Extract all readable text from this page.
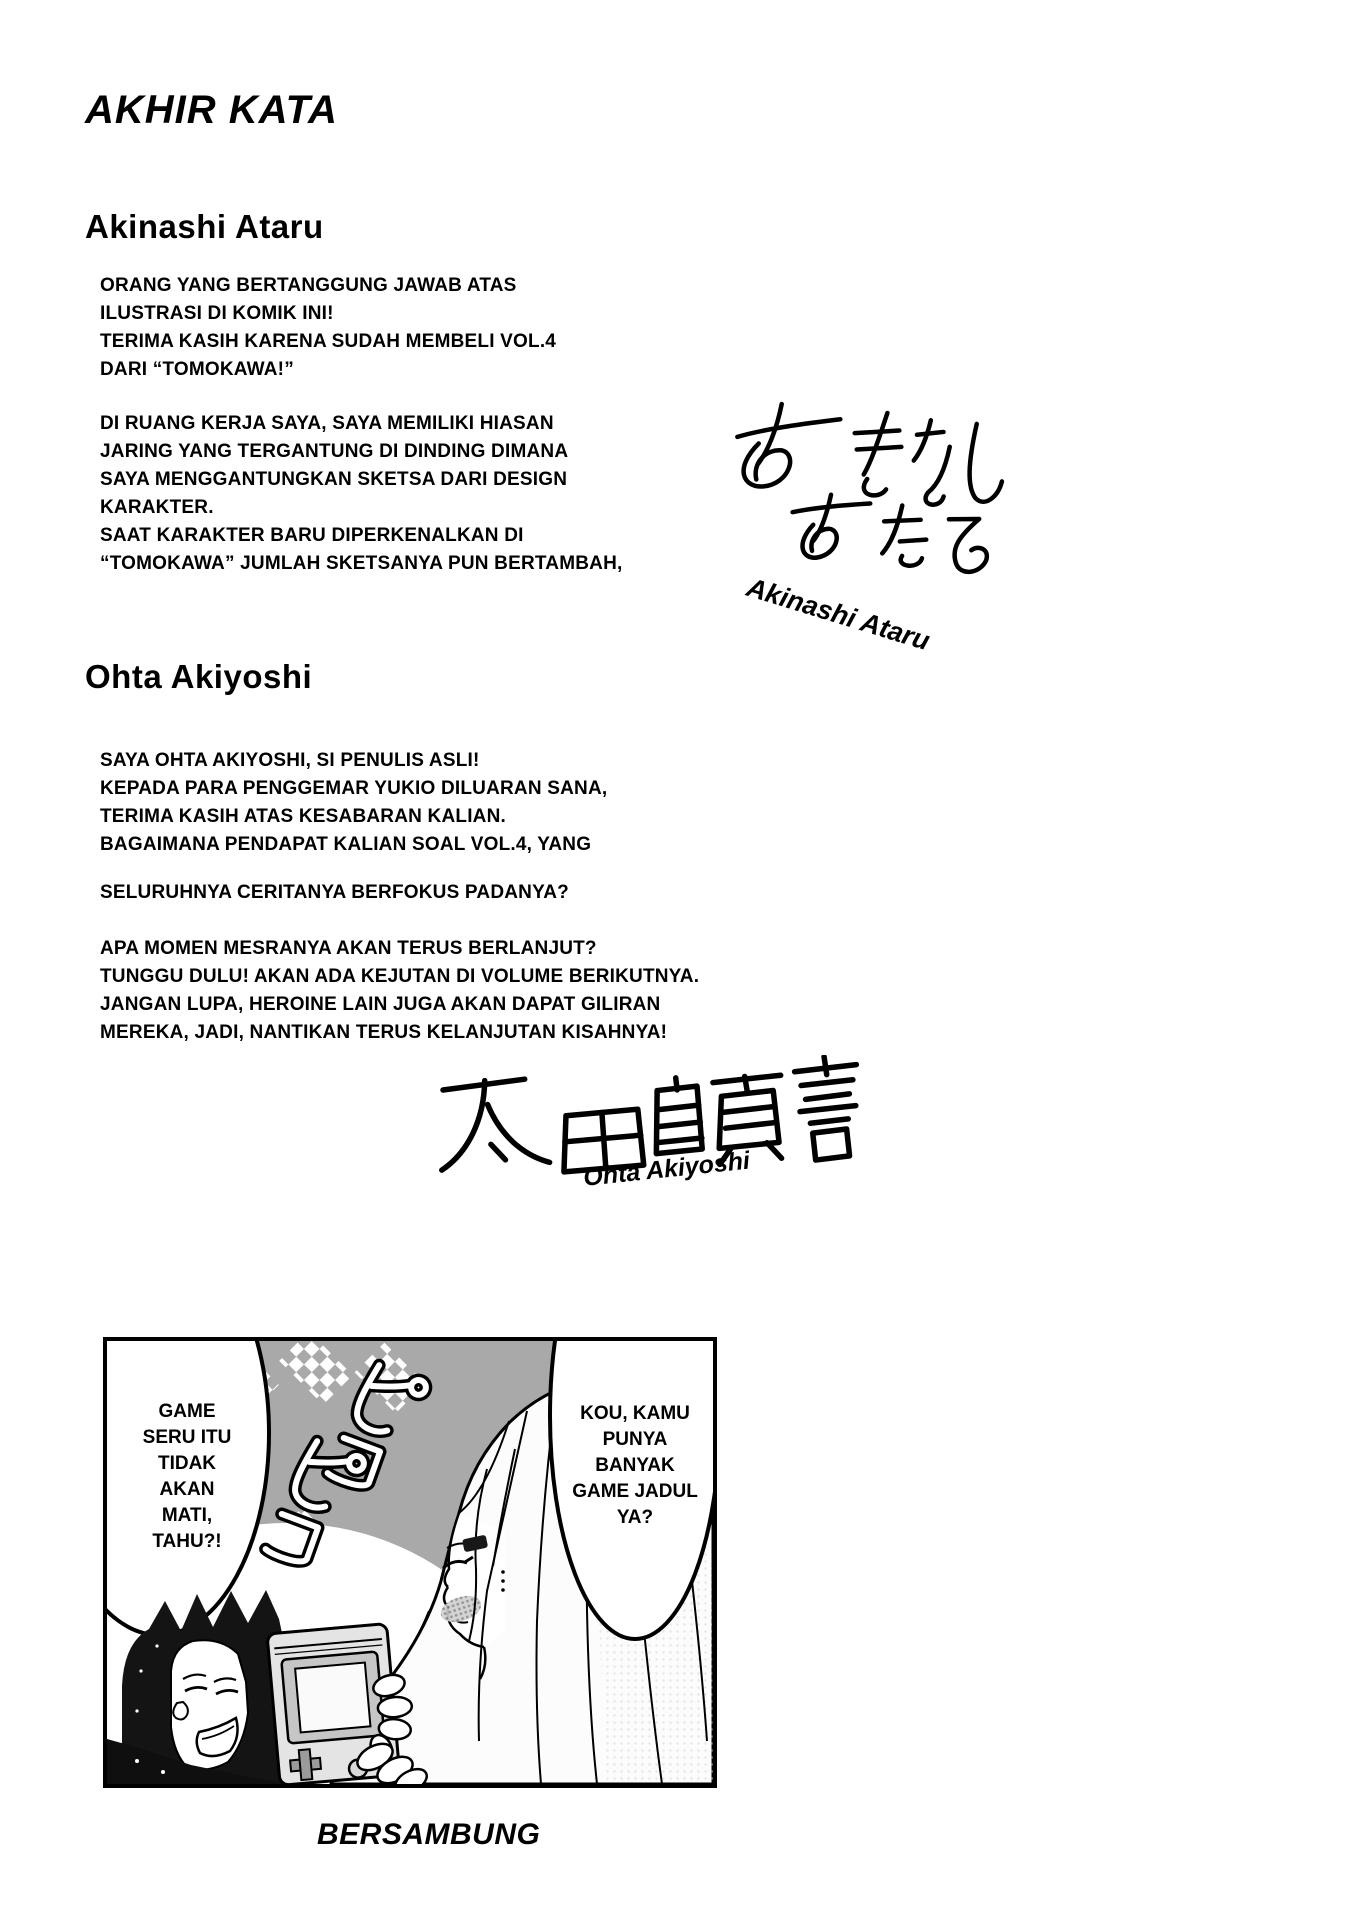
AKHIR KATA
Akinashi Ataru
ORANG YANG BERTANGGUNG JAWAB ATAS
ILUSTRASI DI KOMIK INI!
TERIMA KASIH KARENA SUDAH MEMBELI VOL.4
DARI “TOMOKAWA!”
DI RUANG KERJA SAYA, SAYA MEMILIKI HIASAN
JARING YANG TERGANTUNG DI DINDING DIMANA
SAYA MENGGANTUNGKAN SKETSA DARI DESIGN
KARAKTER.
SAAT KARAKTER BARU DIPERKENALKAN DI
“TOMOKAWA” JUMLAH SKETSANYA PUN BERTAMBAH,
Akinashi Ataru
Ohta Akiyoshi
SAYA OHTA AKIYOSHI, SI PENULIS ASLI!
KEPADA PARA PENGGEMAR YUKIO DILUARAN SANA,
TERIMA KASIH ATAS KESABARAN KALIAN.
BAGAIMANA PENDAPAT KALIAN SOAL VOL.4, YANG
SELURUHNYA CERITANYA BERFOKUS PADANYA?
APA MOMEN MESRANYA AKAN TERUS BERLANJUT?
TUNGGU DULU! AKAN ADA KEJUTAN DI VOLUME BERIKUTNYA.
JANGAN LUPA, HEROINE LAIN JUGA AKAN DAPAT GILIRAN
MEREKA, JADI, NANTIKAN TERUS KELANJUTAN KISAHNYA!
Ohta Akiyoshi
GAME
SERU ITU
TIDAK
AKAN
MATI,
TAHU?!
KOU, KAMU
PUNYA
BANYAK
GAME JADUL
YA?
BERSAMBUNG
